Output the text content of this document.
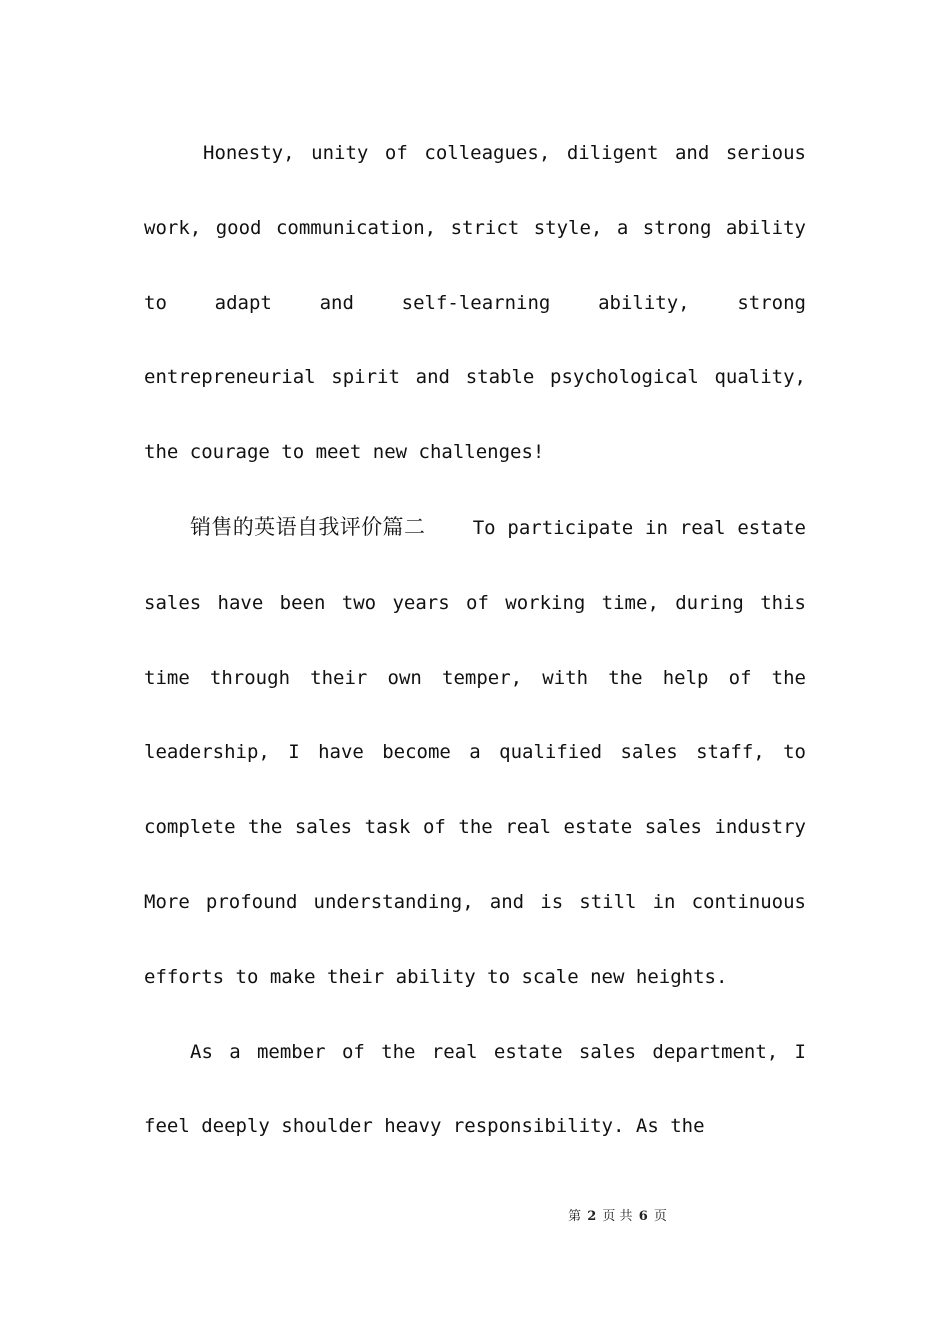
Honesty, unity of colleagues, diligent and serious work, good communication, strict style, a strong ability to adapt and self-learning ability, strong entrepreneurial spirit and stable psychological quality, the courage to meet new challenges!

销售的英语自我评价篇二 To participate in real estate sales have been two years of working time, during this time through their own temper, with the help of the leadership, I have become a qualified sales staff, to complete the sales task of the real estate sales industry More profound understanding, and is still in continuous efforts to make their ability to scale new heights.

As a member of the real estate sales department, I feel deeply shoulder heavy responsibility. As the

第 2 页 共 6 页
